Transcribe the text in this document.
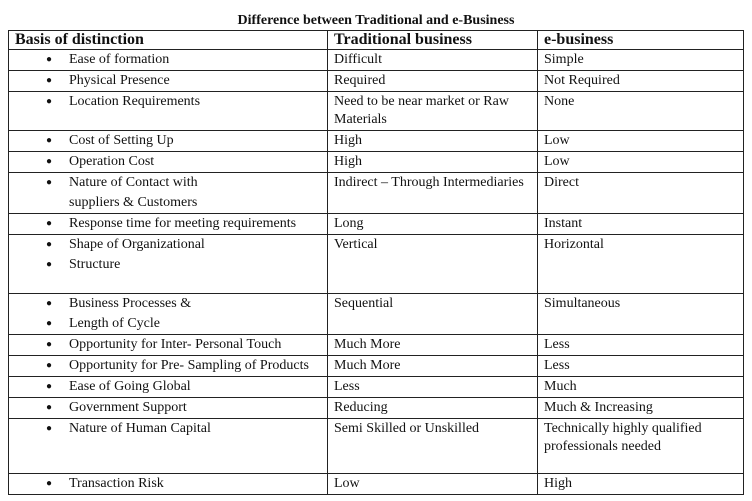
Difference between Traditional and e-Business
Basis of distinction	Traditional business	e-business

● Ease of formation	Difficult	Simple

● Physical Presence	Required	Not Required

● Location Requirements	Need to be near market or Raw Materials	None

● Cost of Setting Up	High	Low

● Operation Cost	High	Low

● Nature of Contact with
suppliers & Customers	Indirect – Through Intermediaries	Direct

● Response time for meeting requirements	Long	Instant

● Shape of Organizational
● Structure	Vertical	Horizontal

● Business Processes &
● Length of Cycle	Sequential	Simultaneous

● Opportunity for Inter- Personal Touch	Much More	Less

● Opportunity for Pre- Sampling of Products	Much More	Less

● Ease of Going Global	Less	Much

● Government Support	Reducing	Much & Increasing

● Nature of Human Capital	Semi Skilled or Unskilled	Technically highly qualified professionals needed

● Transaction Risk	Low	High
